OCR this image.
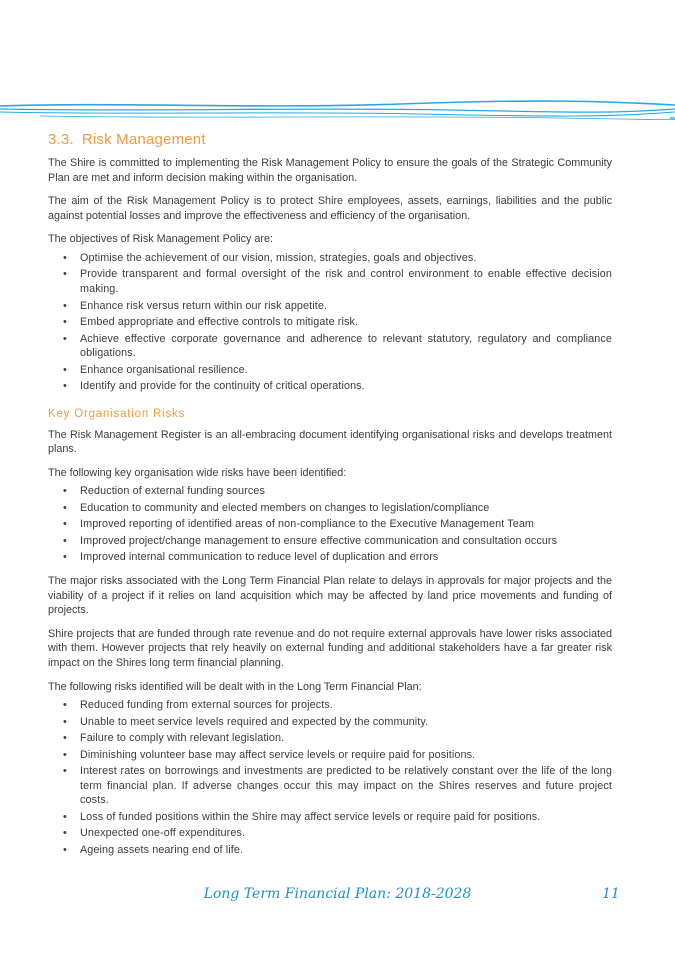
3.3. Risk Management

The Shire is committed to implementing the Risk Management Policy to ensure the goals of the Strategic Community Plan are met and inform decision making within the organisation.

The aim of the Risk Management Policy is to protect Shire employees, assets, earnings, liabilities and the public against potential losses and improve the effectiveness and efficiency of the organisation.

The objectives of Risk Management Policy are:

• Optimise the achievement of our vision, mission, strategies, goals and objectives.
• Provide transparent and formal oversight of the risk and control environment to enable effective decision making.
• Enhance risk versus return within our risk appetite.
• Embed appropriate and effective controls to mitigate risk.
• Achieve effective corporate governance and adherence to relevant statutory, regulatory and compliance obligations.
• Enhance organisational resilience.
• Identify and provide for the continuity of critical operations.
Key Organisation Risks

The Risk Management Register is an all-embracing document identifying organisational risks and develops treatment plans.

The following key organisation wide risks have been identified:

• Reduction of external funding sources
• Education to community and elected members on changes to legislation/compliance
• Improved reporting of identified areas of non-compliance to the Executive Management Team
• Improved project/change management to ensure effective communication and consultation occurs
• Improved internal communication to reduce level of duplication and errors

The major risks associated with the Long Term Financial Plan relate to delays in approvals for major projects and the viability of a project if it relies on land acquisition which may be affected by land price movements and funding of projects.

Shire projects that are funded through rate revenue and do not require external approvals have lower risks associated with them. However projects that rely heavily on external funding and additional stakeholders have a far greater risk impact on the Shires long term financial planning.

The following risks identified will be dealt with in the Long Term Financial Plan:

• Reduced funding from external sources for projects.
• Unable to meet service levels required and expected by the community.
• Failure to comply with relevant legislation.
• Diminishing volunteer base may affect service levels or require paid for positions.
• Interest rates on borrowings and investments are predicted to be relatively constant over the life of the long term financial plan. If adverse changes occur this may impact on the Shires reserves and future project costs.
• Loss of funded positions within the Shire may affect service levels or require paid for positions.
• Unexpected one-off expenditures.
• Ageing assets nearing end of life.
Long Term Financial Plan: 2018-2028	11
